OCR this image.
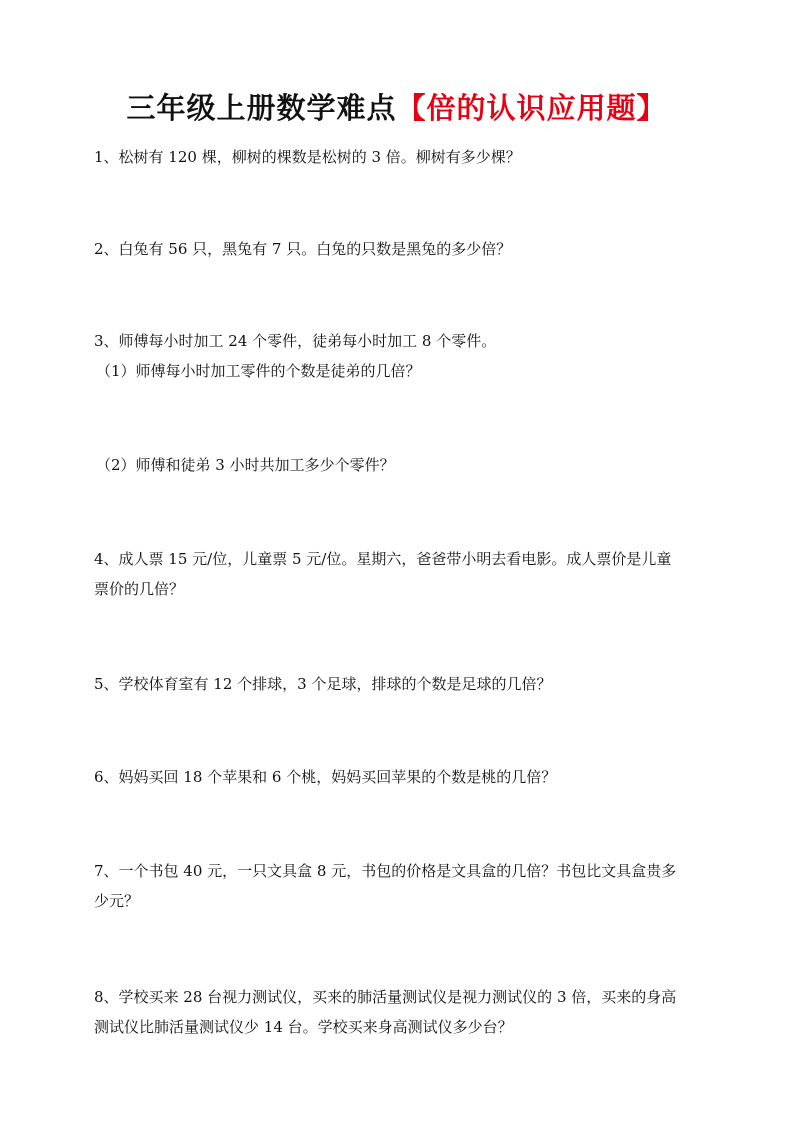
三年级上册数学难点【倍的认识应用题】
1、松树有 120 棵，柳树的棵数是松树的 3 倍。柳树有多少棵？
2、白兔有 56 只，黑兔有 7 只。白兔的只数是黑兔的多少倍？
3、师傅每小时加工 24 个零件，徒弟每小时加工 8 个零件。
（1）师傅每小时加工零件的个数是徒弟的几倍？
（2）师傅和徒弟 3 小时共加工多少个零件？
4、成人票 15 元/位，儿童票 5 元/位。星期六，爸爸带小明去看电影。成人票价是儿童
票价的几倍？
5、学校体育室有 12 个排球，3 个足球，排球的个数是足球的几倍？
6、妈妈买回 18 个苹果和 6 个桃，妈妈买回苹果的个数是桃的几倍？
7、一个书包 40 元，一只文具盒 8 元，书包的价格是文具盒的几倍？书包比文具盒贵多
少元？
8、学校买来 28 台视力测试仪，买来的肺活量测试仪是视力测试仪的 3 倍，买来的身高
测试仪比肺活量测试仪少 14 台。学校买来身高测试仪多少台？
